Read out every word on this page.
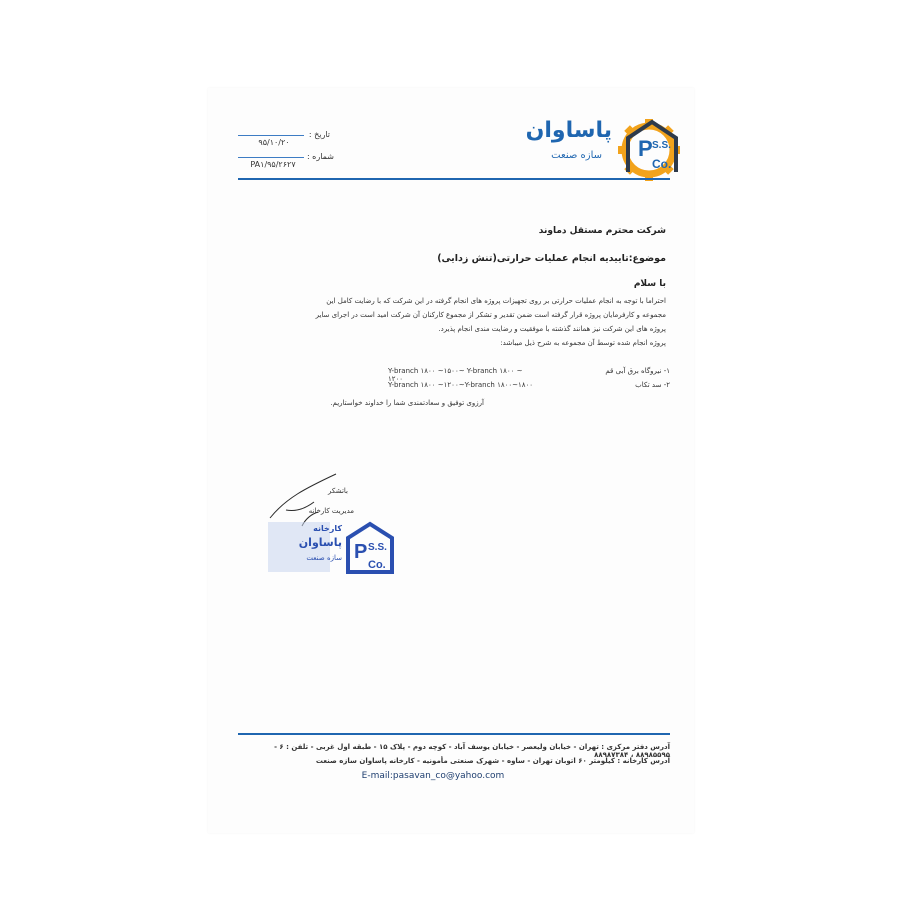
P S.S.
Co.
پاساوان
سازه صنعت
تاریخ :
۹۵/۱۰/۲۰
شماره :
PA۱/۹۵/۲۶۲۷
شرکت محترم مستقل دماوند
موضوع:تاییدیه انجام عملیات حرارتی(تنش زدایی)
با سلام
احتراما با توجه به انجام عملیات حرارتی بر روی تجهیزات پروژه های انجام گرفته در این شرکت که با رضایت کامل این
مجموعه و کارفرمایان پروژه قرار گرفته است ضمن تقدیر و تشکر از مجموع کارکنان آن شرکت امید است در اجرای سایر
پروژه های این شرکت نیز همانند گذشته با موفقیت و رضایت مندی انجام پذیرد.
پروژه انجام شده توسط آن مجموعه به شرح ذیل میباشد:
۱- نیروگاه برق آبی قم
Y-branch ۱۸۰۰ ~۱۵۰۰~ Y-branch ۱۸۰۰ ~ ۱۲۰۰
۲- سد تکاب
Y-branch ۱۸۰۰ ~۱۲۰۰~Y-branch ۱۸۰۰~۱۸۰۰
آرزوی توفیق و سعادتمندی شما را خداوند خواستاریم.
باتشکر
مدیریت کارخانه
P S.S.
Co.
کارخانه
پاساوان
سازه صنعت
آدرس دفتر مرکزی : تهران - خیابان ولیعصر - خیابان یوسف آباد - کوچه دوم - پلاک ۱۵ - طبقه اول غربی - تلفن : ۶ - ۸۸۹۸۵۵۹۵ ، ۸۸۹۸۷۳۸۴
آدرس کارخانه : کیلومتر ۶۰ اتوبان تهران - ساوه - شهرک صنعتی مأمونیه - کارخانه پاساوان سازه صنعت
E-mail:pasavan_co@yahoo.com
